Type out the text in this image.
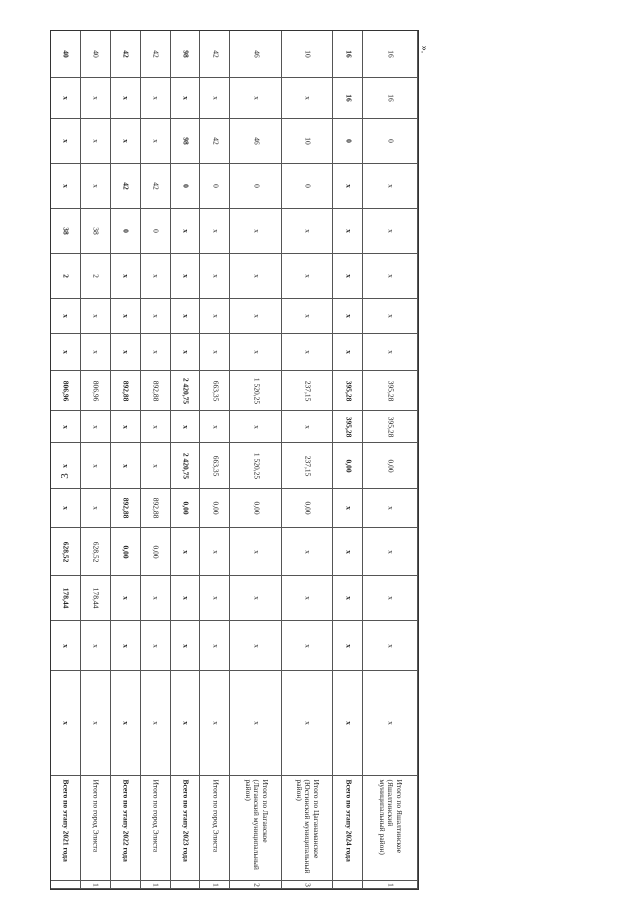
3
».
40
х
х
х
38
2
х
х
806,96
х
х
х
628,52
178,44
х
х
Всего по этапу 2021 года
40
х
х
х
38
2
х
х
806,96
х
х
х
628,52
178,44
х
х
Итого по город Элиста
1
42
х
х
42
0
х
х
х
892,88
х
х
892,88
0,00
х
х
х
Всего по этапу 2022 года
42
х
х
42
0
х
х
х
892,88
х
х
892,88
0,00
х
х
х
Итого по город Элиста
1
98
х
98
0
х
х
х
х
2 420,75
х
2 420,75
0,00
х
х
х
х
Всего по этапу 2023 года
42
х
42
0
х
х
х
х
663,35
х
663,35
0,00
х
х
х
х
Итого по город Элиста
1
46
х
46
0
х
х
х
х
1 520,25
х
1 520,25
0,00
х
х
х
х
Итого по Лаганское (Лаганский муниципальный район)
2
10
х
10
0
х
х
х
х
237,15
х
237,15
0,00
х
х
х
х
Итого по Цаганаманское (Юстинский муниципальный район)
3
16
16
0
х
х
х
х
х
395,28
395,28
0,00
х
х
х
х
х
Всего по этапу 2024 года
16
16
0
х
х
х
х
х
395,28
395,28
0,00
х
х
х
х
х
Итого по Яшалтинское (Яшалтинский муниципальный район)
1
